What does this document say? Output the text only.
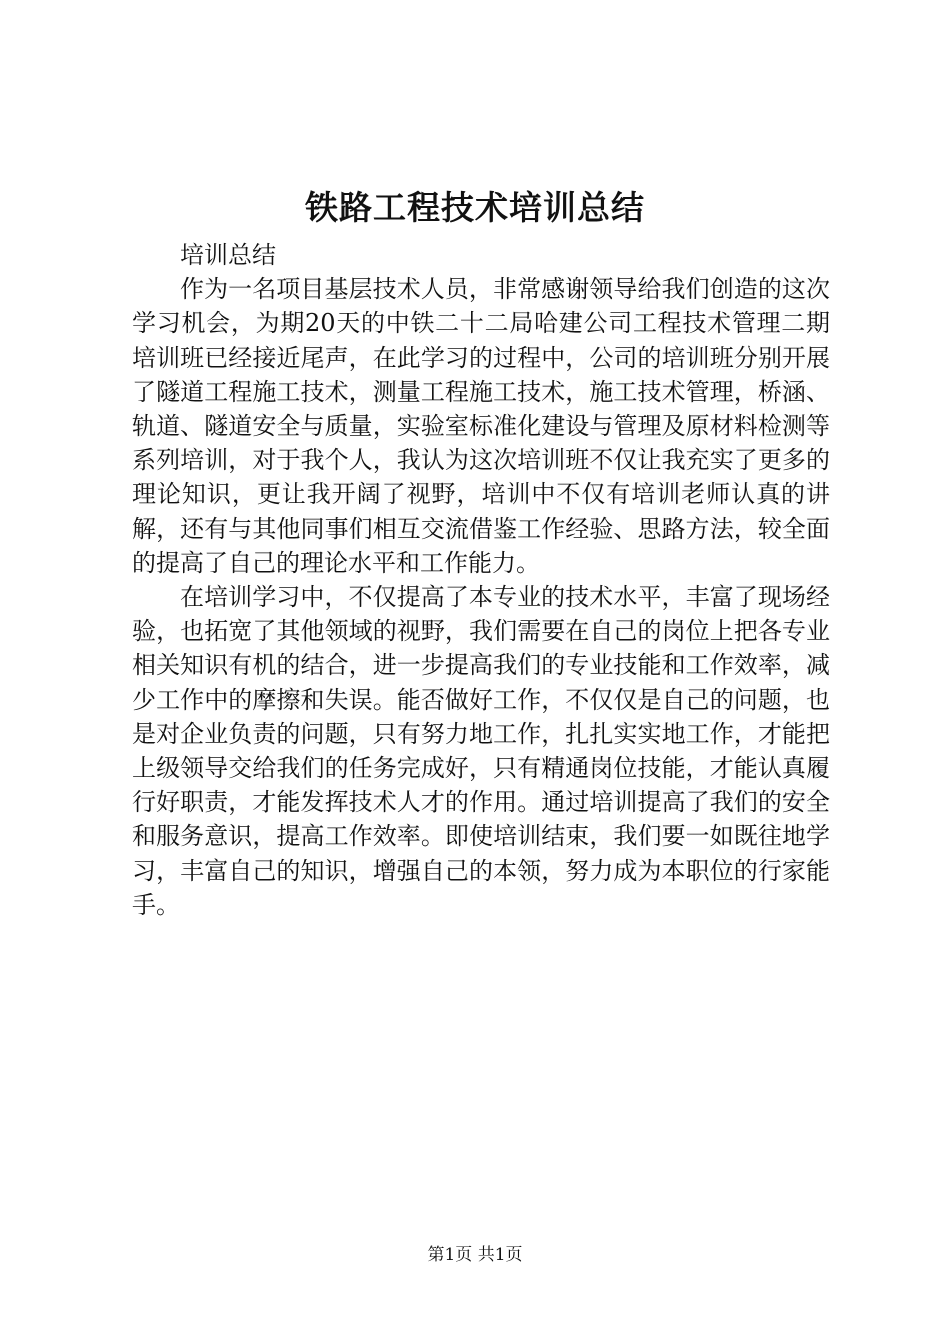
铁路工程技术培训总结

培训总结

作为一名项目基层技术人员，非常感谢领导给我们创造的这次学习机会，为期20天的中铁二十二局哈建公司工程技术管理二期培训班已经接近尾声，在此学习的过程中，公司的培训班分别开展了隧道工程施工技术，测量工程施工技术，施工技术管理，桥涵、轨道、隧道安全与质量，实验室标准化建设与管理及原材料检测等系列培训，对于我个人，我认为这次培训班不仅让我充实了更多的理论知识，更让我开阔了视野，培训中不仅有培训老师认真的讲解，还有与其他同事们相互交流借鉴工作经验、思路方法，较全面的提高了自己的理论水平和工作能力。

在培训学习中，不仅提高了本专业的技术水平，丰富了现场经验，也拓宽了其他领域的视野，我们需要在自己的岗位上把各专业相关知识有机的结合，进一步提高我们的专业技能和工作效率，减少工作中的摩擦和失误。能否做好工作，不仅仅是自己的问题，也是对企业负责的问题，只有努力地工作，扎扎实实地工作，才能把上级领导交给我们的任务完成好，只有精通岗位技能，才能认真履行好职责，才能发挥技术人才的作用。通过培训提高了我们的安全和服务意识，提高工作效率。即使培训结束，我们要一如既往地学习，丰富自己的知识，增强自己的本领，努力成为本职位的行家能手。

第1页 共1页
